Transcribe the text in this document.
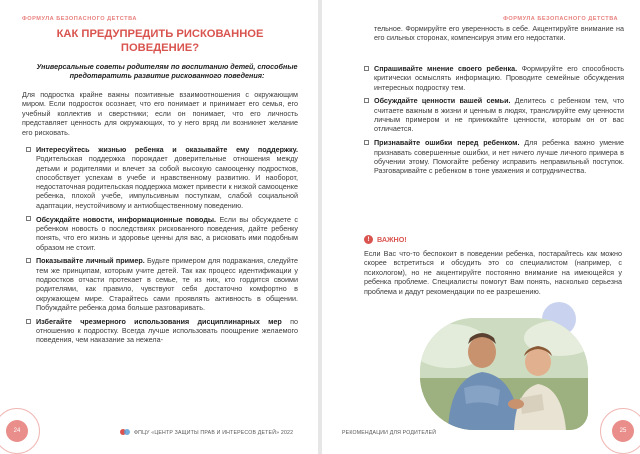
ФОРМУЛА БЕЗОПАСНОГО ДЕТСТВА
КАК ПРЕДУПРЕДИТЬ РИСКОВАННОЕ
ПОВЕДЕНИЕ?
Универсальные советы родителям по воспитанию детей, способные предотвратить развитие рискованного поведения:
Для подростка крайне важны позитивные взаимоотношения с окружающим миром. Если подросток осознает, что его понимает и принимает его семья, его учебный коллектив и сверстники; если он понимает, что его личность представляет ценность для окружающих, то у него вряд ли возникнет желание его рисковать.
Интересуйтесь жизнью ребенка и оказывайте ему поддержку. Родительская поддержка порождает доверительные отношения между детьми и родителями и влечет за собой высокую самооценку подростков, способствует успехам в учебе и нравственному развитию. И наоборот, недостаточная родительская поддержка может привести к низкой самооценке ребенка, плохой учебе, импульсивным поступкам, слабой социальной адаптации, неустойчивому и антиобщественному поведению.
Обсуждайте новости, информационные поводы. Если вы обсуждаете с ребенком новость о последствиях рискованного поведения, дайте ребенку понять, что его жизнь и здоровье ценны для вас, а рисковать ими подобным образом не стоит.
Показывайте личный пример. Будьте примером для подражания, следуйте тем же принципам, которым учите детей. Так как процесс идентификации у подростков отчасти протекает в семье, те из них, кто гордится своими родителями, как правило, чувствуют себя достаточно комфортно в окружающем мире. Старайтесь сами проявлять активность в общении. Побуждайте ребенка дома больше разговаривать.
Избегайте чрезмерного использования дисциплинарных мер по отношению к подростку. Всегда лучше использовать поощрение желаемого поведения, чем наказание за нежела-
24	ФПЦУ «ЦЕНТР ЗАЩИТЫ ПРАВ И ИНТЕРЕСОВ ДЕТЕЙ» 2022
ФОРМУЛА БЕЗОПАСНОГО ДЕТСТВА
тельное. Формируйте его уверенность в себе. Акцентируйте внимание на его сильных сторонах, компенсируя этим его недостатки.
Спрашивайте мнение своего ребенка. Формируйте его способность критически осмыслять информацию. Проводите семейные обсуждения интересных подростку тем.
Обсуждайте ценности вашей семьи. Делитесь с ребенком тем, что считаете важным в жизни и ценным в людях, транслируйте ему ценности личным примером и не принижайте ценности, которым он от вас отличается.
Признавайте ошибки перед ребенком. Для ребенка важно умение признавать совершенные ошибки, и нет ничего лучше личного примера в обучении этому. Помогайте ребенку исправить неправильный поступок. Разговаривайте с ребенком в тоне уважения и сотрудничества.
!	ВАЖНО!
Если Вас что-то беспокоит в поведении ребенка, постарайтесь как можно скорее встретиться и обсудить это со специалистом (например, с психологом), но не акцентируйте постоянно внимание на имеющейся у ребенка проблеме. Специалисты помогут Вам понять, насколько серьезна проблема и дадут рекомендации по ее разрешению.
РЕКОМЕНДАЦИИ ДЛЯ РОДИТЕЛЕЙ	25
